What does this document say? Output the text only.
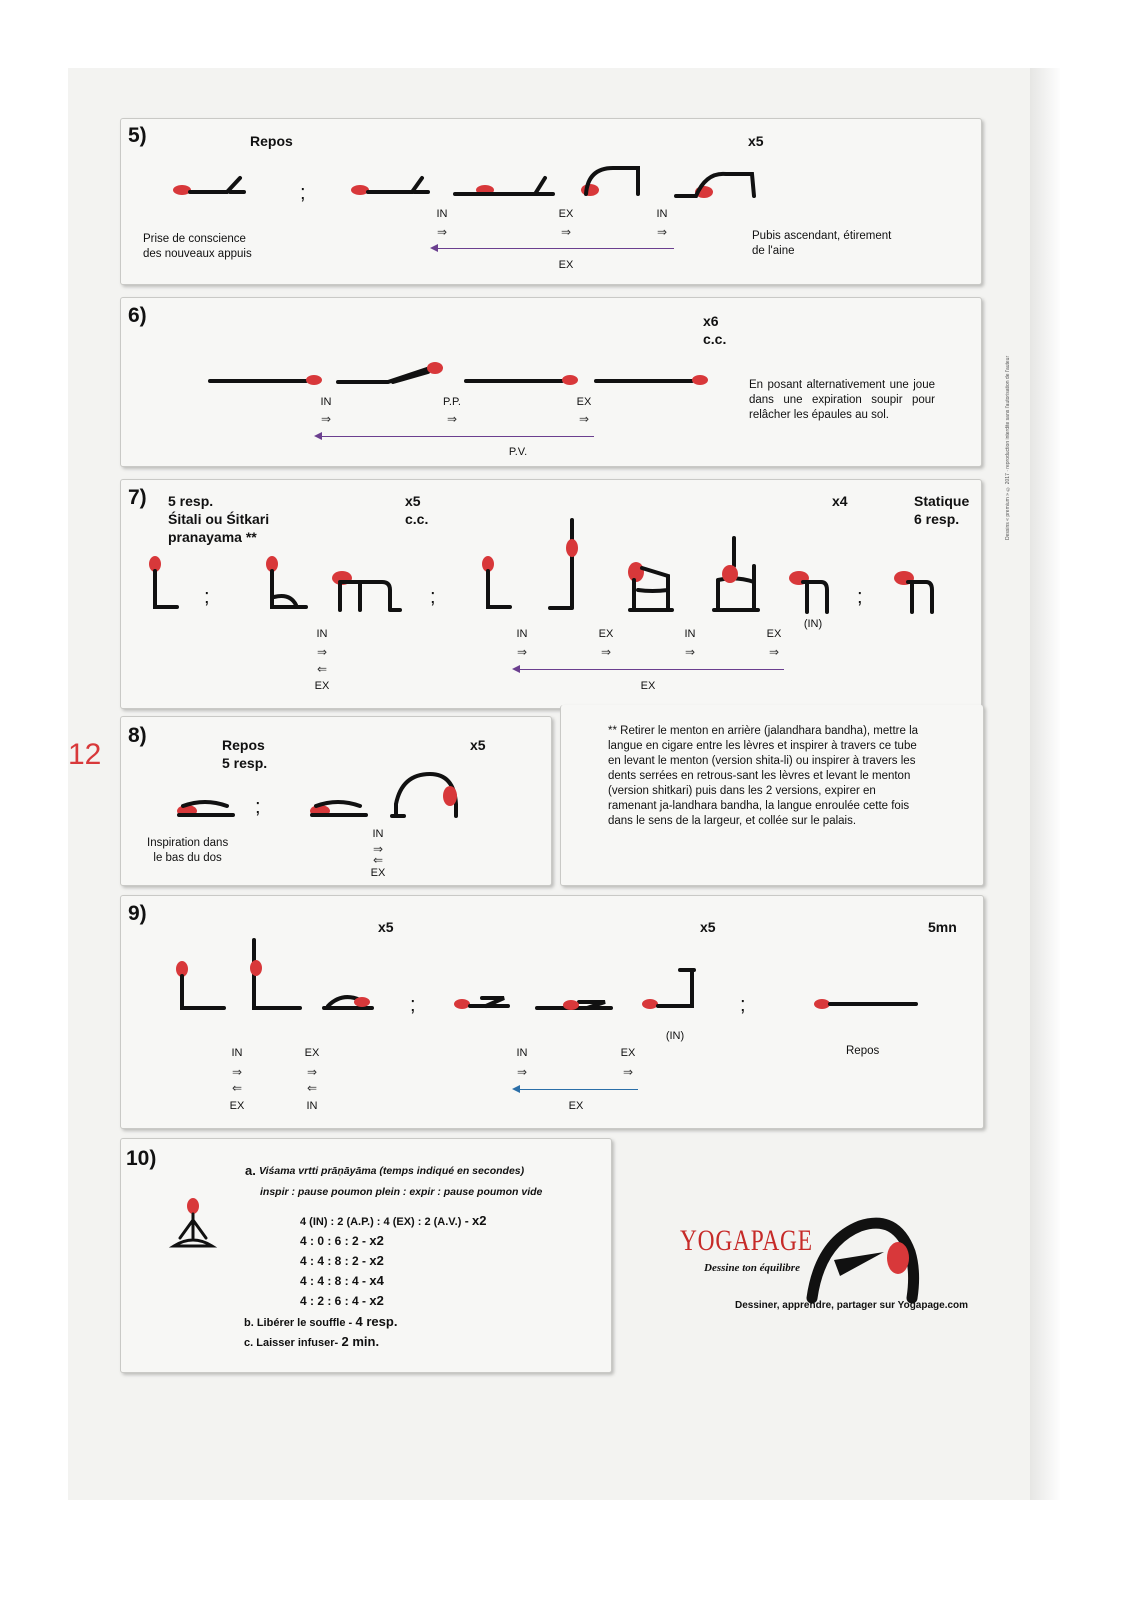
12
Dessins « premium » © 2017 · reproduction interdite sans l'autorisation de l'auteur
5)	Repos	x5
;
IN	EX	IN
⇒	⇒	⇒
EX
Prise de conscience
des nouveaux appuis
Pubis ascendant, étirement
de l'aine
6)	x6
c.c.
IN	P.P.	EX
⇒	⇒	⇒
P.V.
En posant alternativement une joue dans une expiration soupir pour relâcher les épaules au sol.
7) 5 resp.
Śitali ou Śitkari
pranayama **
x5
c.c.
x4	Statique
6 resp.
;	;	;
IN
⇒
⇐
EX
IN	EX	IN	EX
(IN)
⇒	⇒	⇒	⇒
EX
8)	Repos
5 resp.
x5
;
IN
⇒
⇐
EX
Inspiration dans
le bas du dos
** Retirer le menton en arrière (jalandhara bandha), mettre la langue en cigare entre les lèvres et inspirer à travers ce tube en levant le menton (version shita-li) ou inspirer à travers les dents serrées en retrous-sant les lèvres et levant le menton (version shitkari) puis dans les 2 versions, expirer en ramenant ja-landhara bandha, la langue enroulée cette fois dans le sens de la largeur, et collée sur le palais.
9)
x5	x5	5mn
;
(IN)
;
IN
⇒
⇐
EX
EX
⇒
⇐
IN
IN	EX
⇒	⇒
EX
Repos
10)
a. Viśama vrtti prāṇāyāma (temps indiqué en secondes)
inspir : pause poumon plein : expir : pause poumon vide
4 (IN) : 2 (A.P.) : 4 (EX) : 2 (A.V.) - x2
4 : 0 : 6 : 2 - x2
4 : 4 : 8 : 2 - x2
4 : 4 : 8 : 4 - x4
4 : 2 : 6 : 4 - x2
b. Libérer le souffle - 4 resp.
c. Laisser infuser- 2 min.
YOGAPAGE
Dessine ton équilibre
Dessiner, apprendre, partager sur Yogapage.com
